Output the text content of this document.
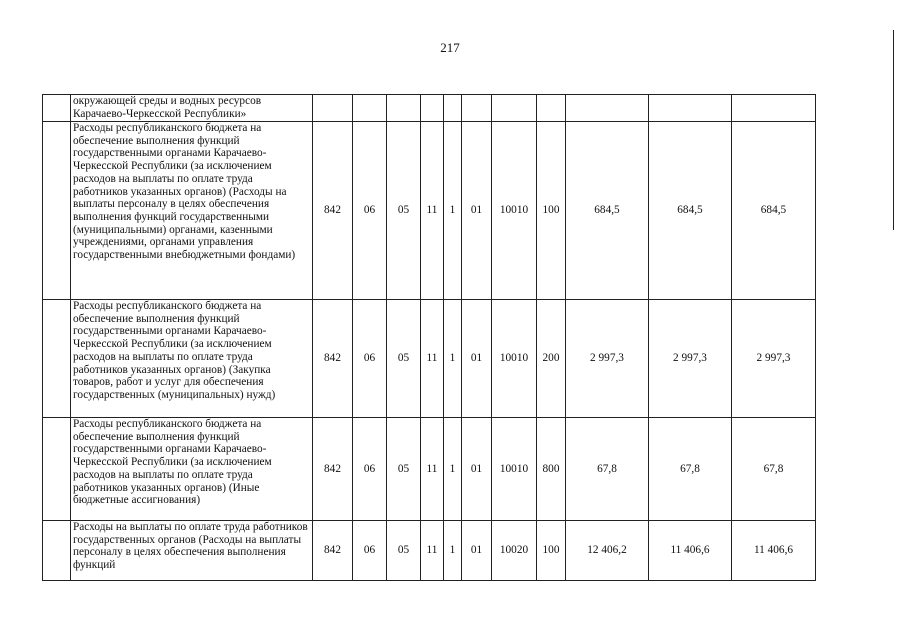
217
	окружающей среды и водных ресурсов Карачаево-Черкесской Республики»											
	Расходы республиканского бюджета на обеспечение выполнения функций государственными органами Карачаево-Черкесской Республики (за исключением расходов на выплаты по оплате труда работников указанных органов) (Расходы на выплаты персоналу в целях обеспечения выполнения функций государственными (муниципальными) органами, казенными учреждениями, органами управления государственными внебюджетными фондами)	842	06	05	11	1	01	10010	100	684,5	684,5	684,5
	Расходы республиканского бюджета на обеспечение выполнения функций государственными органами Карачаево-Черкесской Республики (за исключением расходов на выплаты по оплате труда работников указанных органов) (Закупка товаров, работ и услуг для обеспечения государственных (муниципальных) нужд)	842	06	05	11	1	01	10010	200	2 997,3	2 997,3	2 997,3
	Расходы республиканского бюджета на обеспечение выполнения функций государственными органами Карачаево-Черкесской Республики (за исключением расходов на выплаты по оплате труда работников указанных органов) (Иные бюджетные ассигнования)	842	06	05	11	1	01	10010	800	67,8	67,8	67,8
	Расходы на выплаты по оплате труда работников государственных органов (Расходы на выплаты персоналу в целях обеспечения выполнения функций	842	06	05	11	1	01	10020	100	12 406,2	11 406,6	11 406,6
